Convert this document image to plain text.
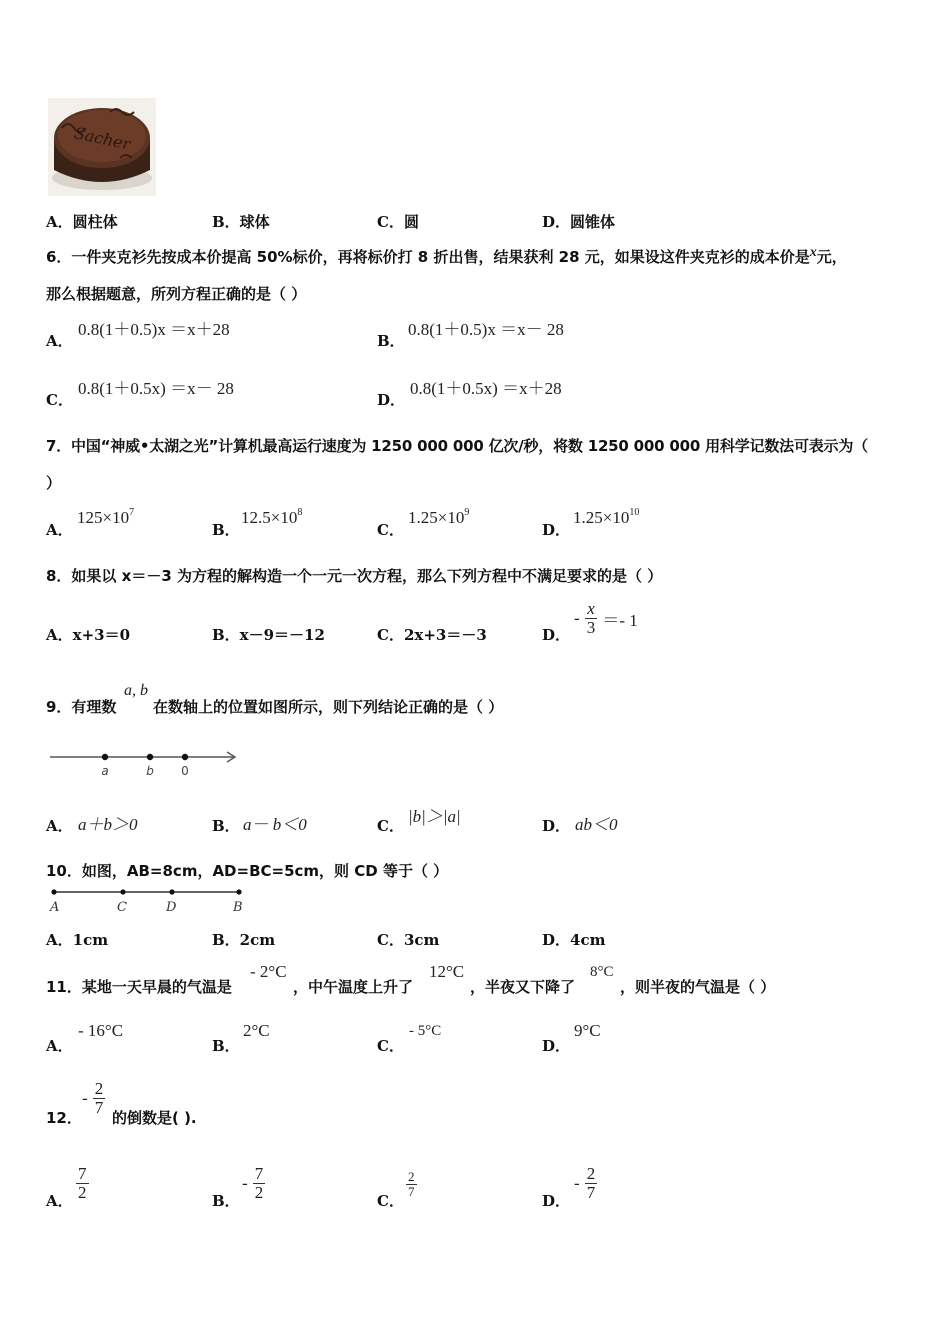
Sacher
A．圆柱体	B．球体	C．圆	D．圆锥体
6．一件夹克衫先按成本价提高 50%标价，再将标价打 8 折出售，结果获利 28 元，如果设这件夹克衫的成本价是x元，
那么根据题意，所列方程正确的是（ ）
A．
0.8(1＋0.5)x ＝x＋28
B．
0.8(1＋0.5)x ＝x－ 28
C．
0.8(1＋0.5x) ＝x－ 28
D．
0.8(1＋0.5x) ＝x＋28
7．中国“神威•太湖之光”计算机最高运行速度为 1250 000 000 亿次/秒，将数 1250 000 000 用科学记数法可表示为（
）
A．
$125\times 10^7$
B．
$12.5\times 10^8$
C．
$1.25\times 10^9$
D．
$1.25\times 10^{10}$
8．如果以 x＝－3 为方程的解构造一个一元一次方程，那么下列方程中不满足要求的是（ ）
A．x+3＝0	B．x－9＝－12	C．2x+3＝－3	D．
- $\frac{x}{3} =- 1$
9．有理数
a, b
在数轴上的位置如图所示，则下列结论正确的是（ ）
a	b 0
A． a＋b＞0	B． a－ b＜0	C． |b|＞|a|	D． ab＜0
10．如图，AB=8cm，AD=BC=5cm，则 CD 等于（ ）
A	C	D	B
A．1cm	B．2cm	C．3cm	D．4cm
11．某地一天早晨的气温是
- 2°C
，中午温度上升了
12°C
，半夜又下降了
8°C
，则半夜的气温是（ ）
A．
- 16°C
B．
2°C
C．
- 5°C
D．
9°C
12．
- $\frac{2}{7}$
的倒数是( ).
A． $\frac{7}{2}$	B．
- $\frac{7}{2}$	C．
$\frac{2}{7}$
D．
- $\frac{2}{7}$
